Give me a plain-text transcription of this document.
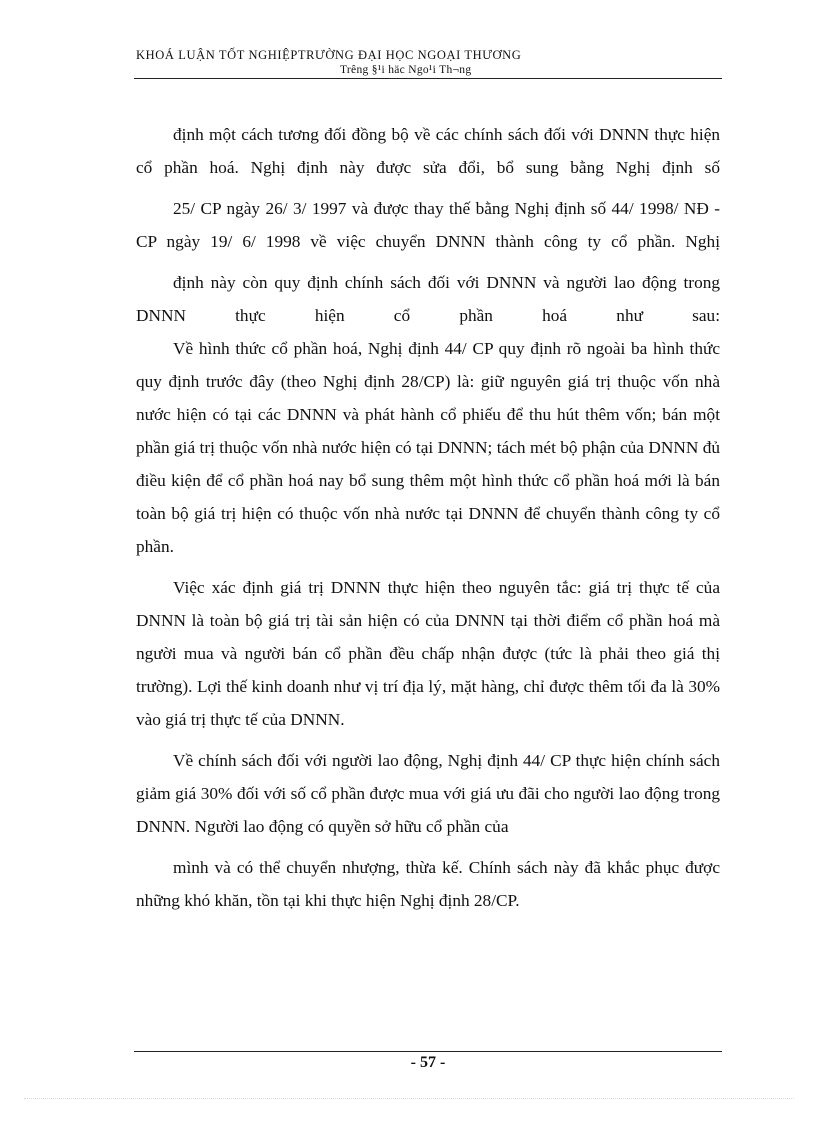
KHOÁ LUẬN TỐT NGHIỆPTRƯỜNG ĐẠI HỌC NGOẠI THƯƠNG
Trêng §¹i häc Ngo¹i Th¬ng

định một cách tương đối đồng bộ về các chính sách đối với DNNN thực hiện cổ phần hoá. Nghị định này được sửa đổi, bổ sung bằng Nghị định số

25/ CP ngày 26/ 3/ 1997 và được thay thế bằng Nghị định số 44/ 1998/ NĐ - CP ngày 19/ 6/ 1998 về việc chuyển DNNN thành công ty cổ phần. Nghị

định này còn quy định chính sách đối với DNNN và người lao động trong DNNN thực hiện cổ phần hoá như sau:

Về hình thức cổ phần hoá, Nghị định 44/ CP quy định rõ ngoài ba hình thức quy định trước đây (theo Nghị định 28/CP) là: giữ nguyên giá trị thuộc vốn nhà nước hiện có tại các DNNN và phát hành cổ phiếu để thu hút thêm vốn; bán một phần giá trị thuộc vốn nhà nước hiện có tại DNNN; tách mét bộ phận của DNNN đủ điều kiện để cổ phần hoá nay bổ sung thêm một hình thức cổ phần hoá mới là bán toàn bộ giá trị hiện có thuộc vốn nhà nước tại DNNN để chuyển thành công ty cổ phần.

Việc xác định giá trị DNNN thực hiện theo nguyên tắc: giá trị thực tế của DNNN là toàn bộ giá trị tài sản hiện có của DNNN tại thời điểm cổ phần hoá mà người mua và người bán cổ phần đều chấp nhận được (tức là phải theo giá thị trường). Lợi thế kinh doanh như vị trí địa lý, mặt hàng, chỉ được thêm tối đa là 30% vào giá trị thực tế của DNNN.

Về chính sách đối với người lao động, Nghị định 44/ CP thực hiện chính sách giảm giá 30% đối với số cổ phần được mua với giá ưu đãi cho người lao động trong DNNN. Người lao động có quyền sở hữu cổ phần của

mình và có thể chuyển nhượng, thừa kế. Chính sách này đã khắc phục được những khó khăn, tồn tại khi thực hiện Nghị định 28/CP.

- 57 -
